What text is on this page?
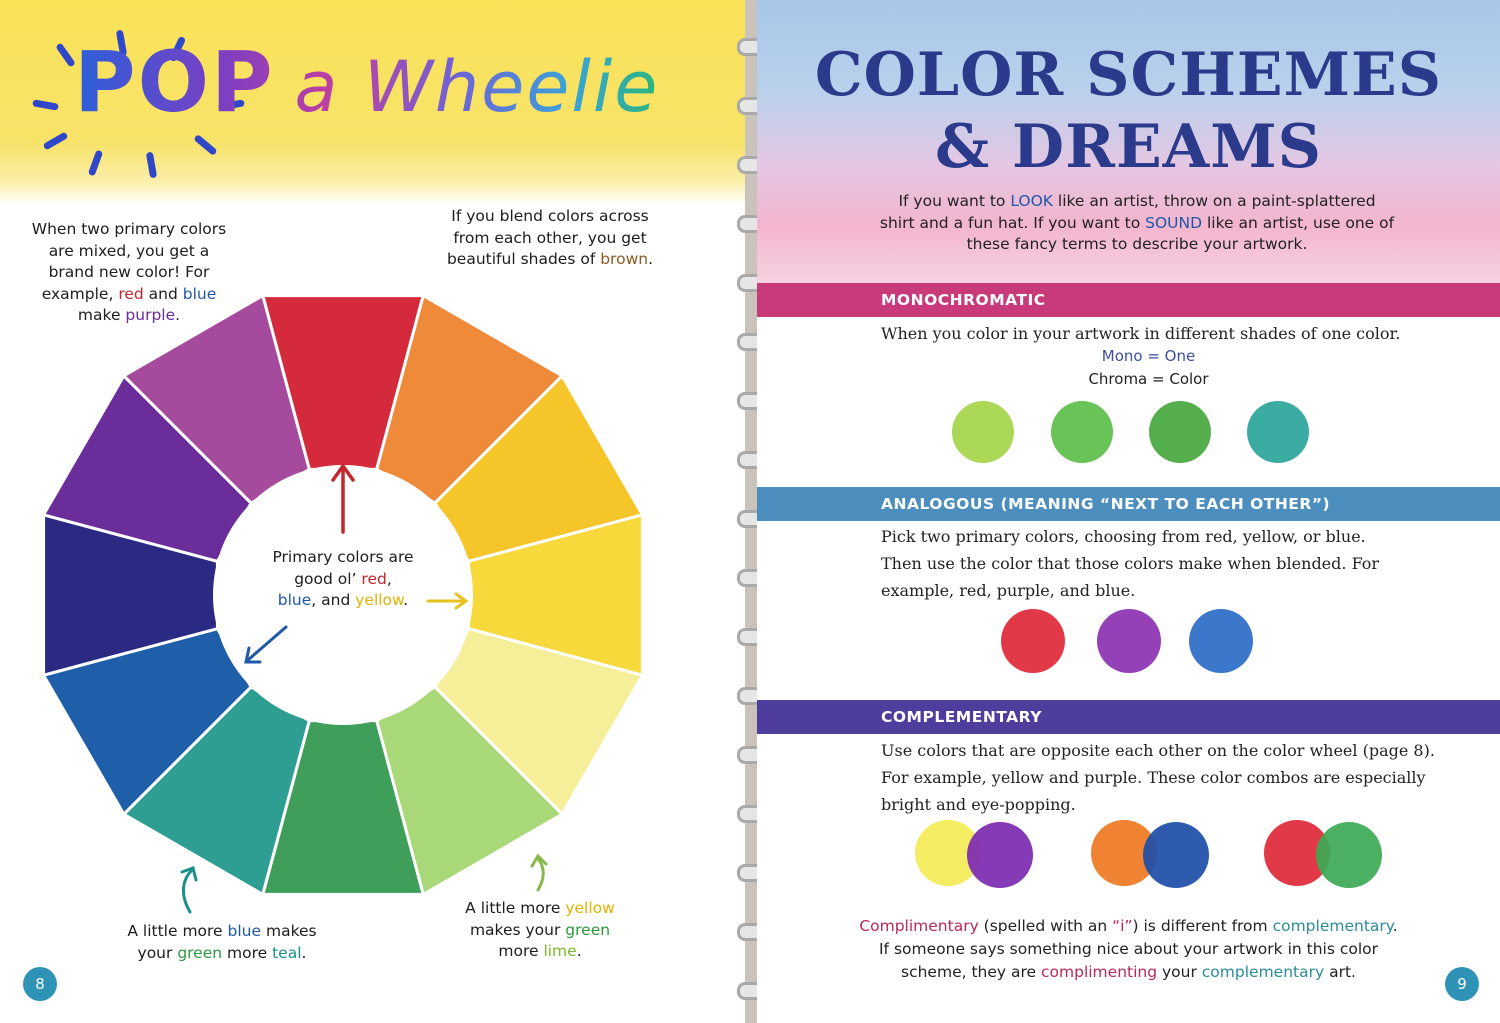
POP a Wheelie
When two primary colors
are mixed, you get a
brand new color! For
example, red and blue
make purple.
If you blend colors across
from each other, you get
beautiful shades of brown.
Primary colors are
good ol’ red,
blue, and yellow.
A little more blue makes
your green more teal.
A little more yellow
makes your green
more lime.
8
COLOR SCHEMES
& DREAMS
If you want to LOOK like an artist, throw on a paint-splattered
shirt and a fun hat. If you want to SOUND like an artist, use one of
these fancy terms to describe your artwork.
MONOCHROMATIC
When you color in your artwork in different shades of one color.
Mono = One
Chroma = Color
ANALOGOUS (MEANING “NEXT TO EACH OTHER”)
Pick two primary colors, choosing from red, yellow, or blue.
Then use the color that those colors make when blended. For
example, red, purple, and blue.
COMPLEMENTARY
Use colors that are opposite each other on the color wheel (page 8).
For example, yellow and purple. These color combos are especially
bright and eye-popping.
Complimentary (spelled with an “i”) is different from complementary.
If someone says something nice about your artwork in this color
scheme, they are complimenting your complementary art.
9
